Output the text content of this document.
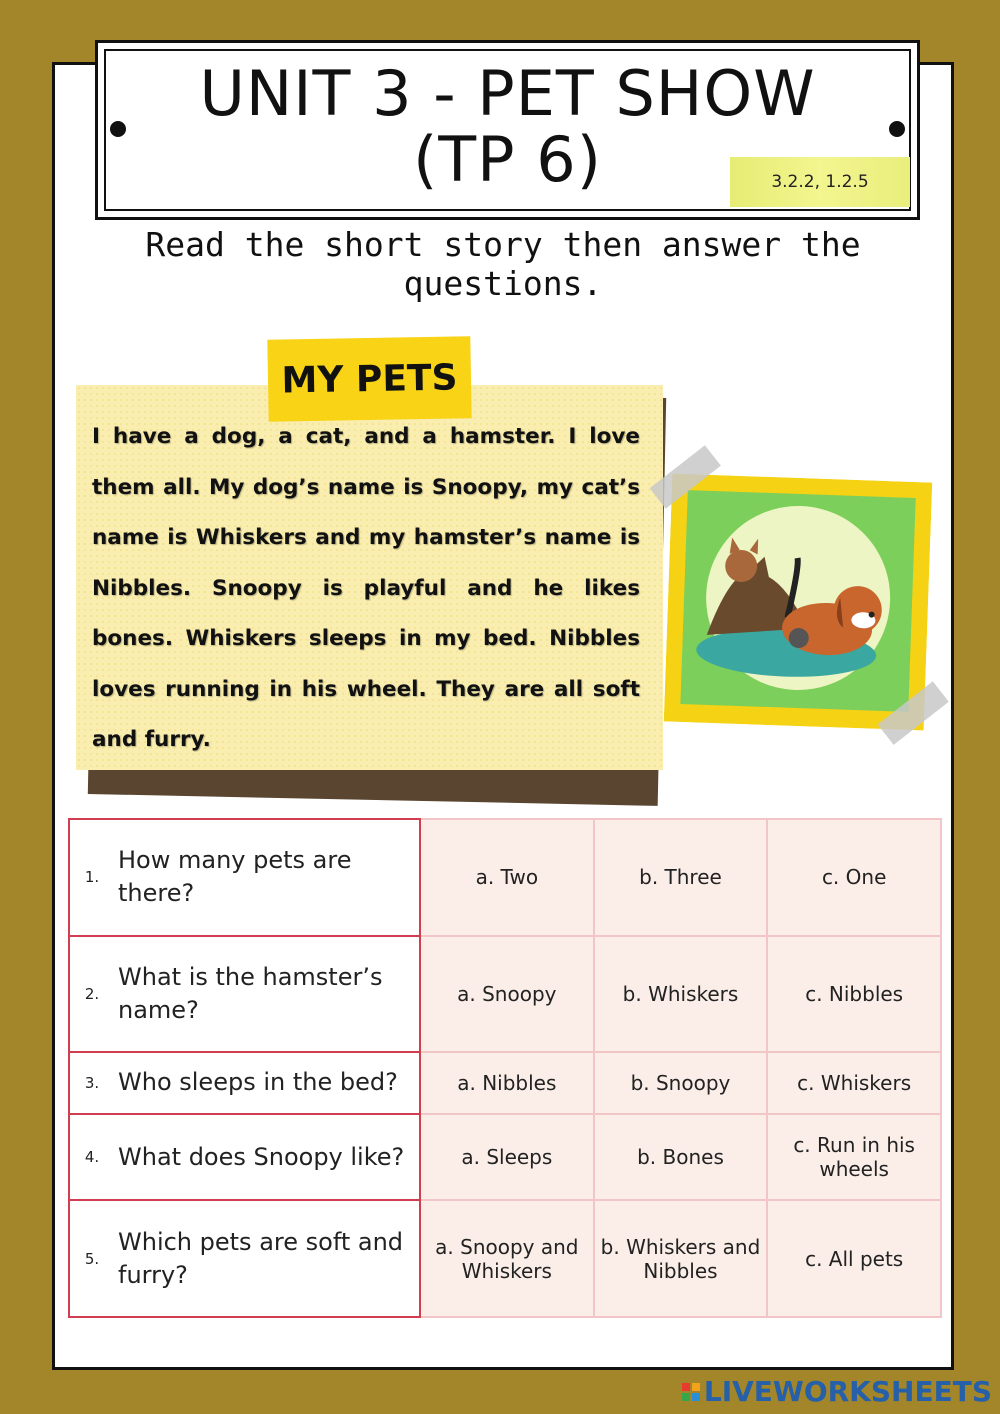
UNIT 3 - PET SHOW
(TP 6)	3.2.2, 1.2.5
Read the short story then answer the questions.
MY PETS
I have a dog, a cat, and a hamster. I love them all. My dog’s name is Snoopy, my cat’s name is Whiskers and my hamster’s name is Nibbles. Snoopy is playful and he likes bones. Whiskers sleeps in my bed. Nibbles loves running in his wheel. They are all soft and furry.
1.	How many pets are there?	a. Two	b. Three	c. One
2.	What is the hamster’s name?	a. Snoopy	b. Whiskers	c. Nibbles
3.	Who sleeps in the bed?	a. Nibbles	b. Snoopy	c. Whiskers
4.	What does Snoopy like?	a. Sleeps	b. Bones	c. Run in his wheels
5.	Which pets are soft and furry?	a. Snoopy and Whiskers	b. Whiskers and Nibbles	c. All pets
LIVEWORKSHEETS
